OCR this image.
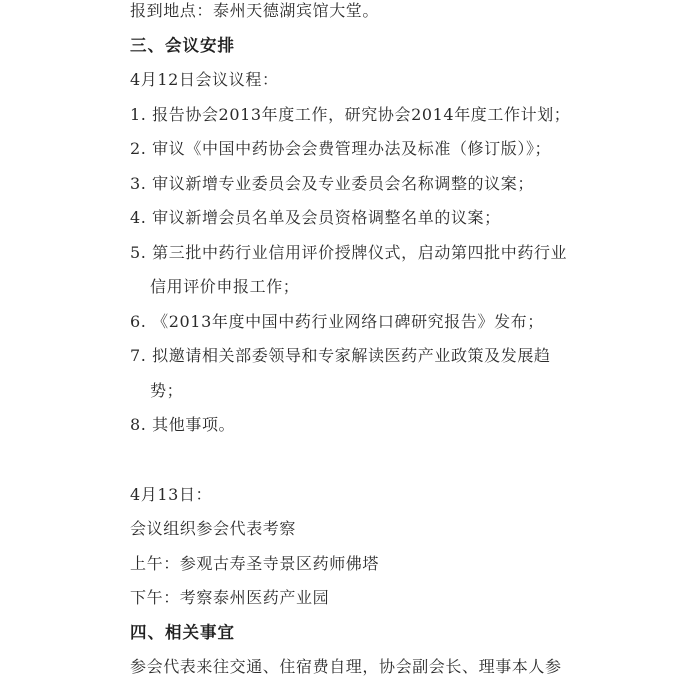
报到地点：泰州天德湖宾馆大堂。
三、会议安排
4月12日会议议程：
1. 报告协会2013年度工作，研究协会2014年度工作计划；
2. 审议《中国中药协会会费管理办法及标准（修订版）》；
3. 审议新增专业委员会及专业委员会名称调整的议案；
4. 审议新增会员名单及会员资格调整名单的议案；
5. 第三批中药行业信用评价授牌仪式，启动第四批中药行业
信用评价申报工作；
6. 《2013年度中国中药行业网络口碑研究报告》发布；
7. 拟邀请相关部委领导和专家解读医药产业政策及发展趋
势；
8. 其他事项。
4月13日：
会议组织参会代表考察
上午：参观古寿圣寺景区药师佛塔
下午：考察泰州医药产业园
四、相关事宜
参会代表来往交通、住宿费自理，协会副会长、理事本人参
